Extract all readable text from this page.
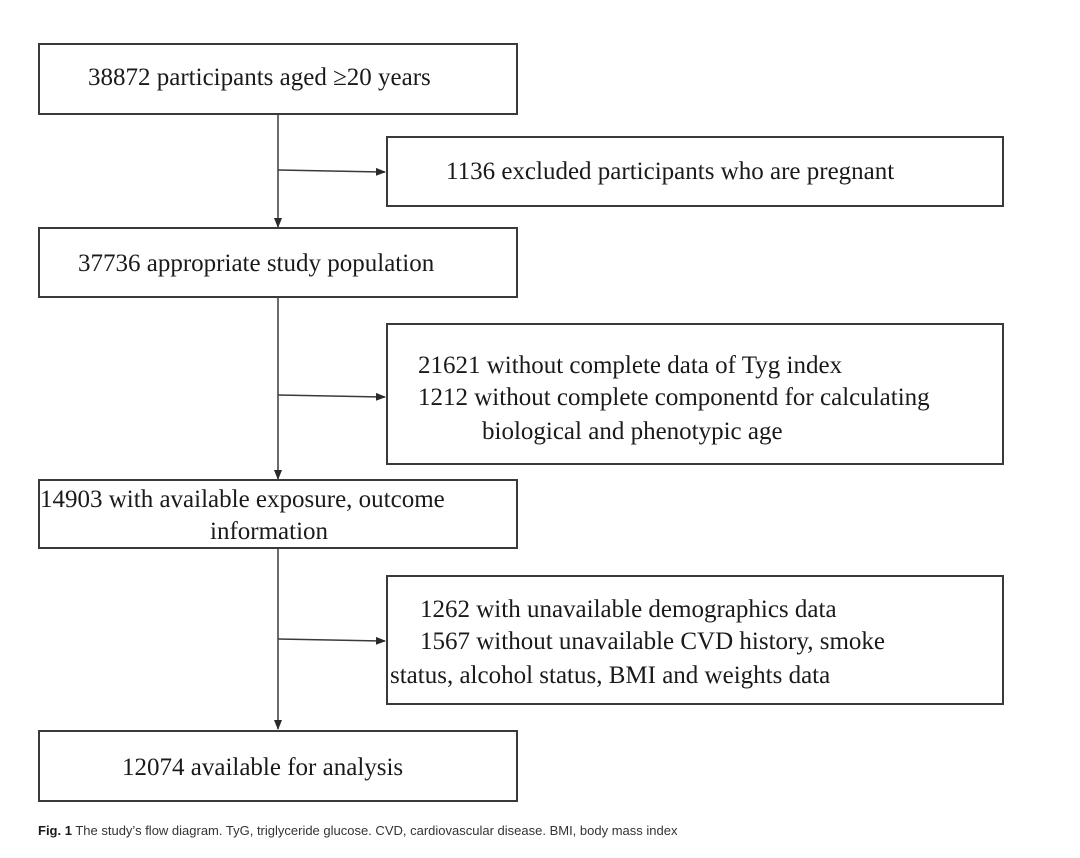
38872 participants aged ≥20 years
1136 excluded participants who are pregnant
37736 appropriate study population
21621 without complete data of Tyg index
1212 without complete componentd for calculating
biological and phenotypic age
14903 with available exposure, outcome
information
1262 with unavailable demographics data
1567 without unavailable CVD history, smoke
status, alcohol status, BMI and weights data
12074 available for analysis
Fig. 1 The study’s flow diagram. TyG, triglyceride glucose. CVD, cardiovascular disease. BMI, body mass index
